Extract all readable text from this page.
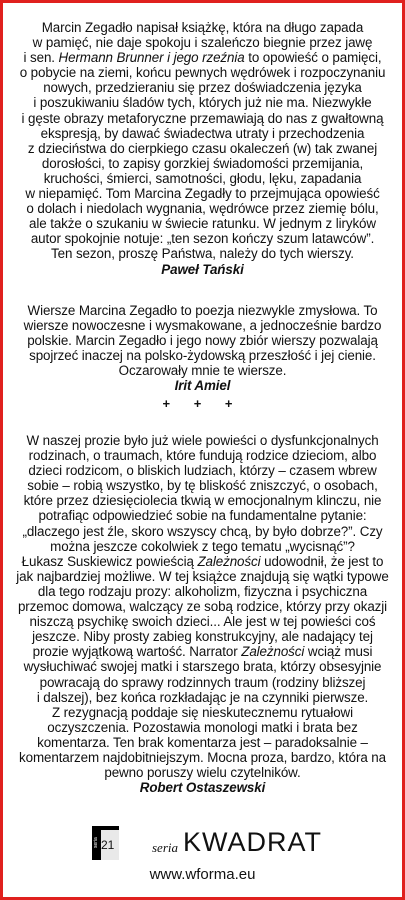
Marcin Zegadło napisał książkę, która na długo zapada
w pamięć, nie daje spokoju i szaleńczo biegnie przez jawę
i sen. Hermann Brunner i jego rzeźnia to opowieść o pamięci,
o pobycie na ziemi, końcu pewnych wędrówek i rozpoczynaniu
nowych, przedzieraniu się przez doświadczenia języka
i poszukiwaniu śladów tych, których już nie ma. Niezwykłe
i gęste obrazy metaforyczne przemawiają do nas z gwałtowną
ekspresją, by dawać świadectwa utraty i przechodzenia
z dzieciństwa do cierpkiego czasu okaleczeń (w) tak zwanej
dorosłości, to zapisy gorzkiej świadomości przemijania,
kruchości, śmierci, samotności, głodu, lęku, zapadania
w niepamięć. Tom Marcina Zegadły to przejmująca opowieść
o dolach i niedolach wygnania, wędrówce przez ziemię bólu,
ale także o szukaniu w świecie ratunku. W jednym z liryków
autor spokojnie notuje: „ten sezon kończy szum latawców”.
Ten sezon, proszę Państwa, należy do tych wierszy.
Paweł Tański
Wiersze Marcina Zegadło to poezja niezwykle zmysłowa. To
wiersze nowoczesne i wysmakowane, a jednocześnie bardzo
polskie. Marcin Zegadło i jego nowy zbiór wierszy pozwalają
spojrzeć inaczej na polsko-żydowską przeszłość i jej cienie.
Oczarowały mnie te wiersze.
Irit Amiel
+ + +
W naszej prozie było już wiele powieści o dysfunkcjonalnych
rodzinach, o traumach, które fundują rodzice dzieciom, albo
dzieci rodzicom, o bliskich ludziach, którzy – czasem wbrew
sobie – robią wszystko, by tę bliskość zniszczyć, o osobach,
które przez dziesięciolecia tkwią w emocjonalnym klinczu, nie
potrafiąc odpowiedzieć sobie na fundamentalne pytanie:
„dlaczego jest źle, skoro wszyscy chcą, by było dobrze?”. Czy
można jeszcze cokolwiek z tego tematu „wycisnąć”?
Łukasz Suskiewicz powieścią Zależności udowodnił, że jest to
jak najbardziej możliwe. W tej książce znajdują się wątki typowe
dla tego rodzaju prozy: alkoholizm, fizyczna i psychiczna
przemoc domowa, walczący ze sobą rodzice, którzy przy okazji
niszczą psychikę swoich dzieci... Ale jest w tej powieści coś
jeszcze. Niby prosty zabieg konstrukcyjny, ale nadający tej
prozie wyjątkową wartość. Narrator Zależności wciąż musi
wysłuchiwać swojej matki i starszego brata, którzy obsesyjnie
powracają do sprawy rodzinnych traum (rodziny bliższej
i dalszej), bez końca rozkładając je na czynniki pierwsze.
Z rezygnacją poddaje się nieskutecznemu rytuałowi
oczyszczenia. Pozostawia monologi matki i brata bez
komentarza. Ten brak komentarza jest – paradoksalnie –
komentarzem najdobitniejszym. Mocna proza, bardzo, która na
pewno poruszy wielu czytelników.
Robert Ostaszewski
seria 21	seria KWADRAT
www.wforma.eu
